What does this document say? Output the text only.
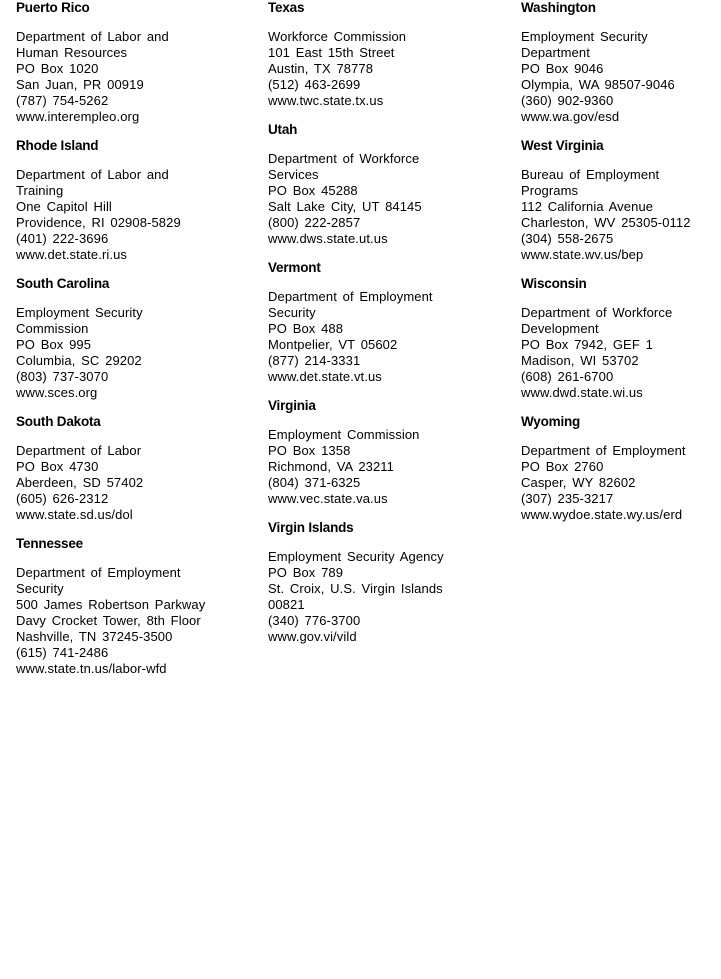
Puerto Rico
Department of Labor and
Human Resources
PO Box 1020
San Juan, PR 00919
(787) 754-5262
www.interempleo.org
Rhode Island
Department of Labor and
Training
One Capitol Hill
Providence, RI 02908-5829
(401) 222-3696
www.det.state.ri.us
South Carolina
Employment Security
Commission
PO Box 995
Columbia, SC 29202
(803) 737-3070
www.sces.org
South Dakota
Department of Labor
PO Box 4730
Aberdeen, SD 57402
(605) 626-2312
www.state.sd.us/dol
Tennessee
Department of Employment
Security
500 James Robertson Parkway
Davy Crocket Tower, 8th Floor
Nashville, TN 37245-3500
(615) 741-2486
www.state.tn.us/labor-wfd
Texas
Workforce Commission
101 East 15th Street
Austin, TX 78778
(512) 463-2699
www.twc.state.tx.us
Utah
Department of Workforce
Services
PO Box 45288
Salt Lake City, UT 84145
(800) 222-2857
www.dws.state.ut.us
Vermont
Department of Employment
Security
PO Box 488
Montpelier, VT 05602
(877) 214-3331
www.det.state.vt.us
Virginia
Employment Commission
PO Box 1358
Richmond, VA 23211
(804) 371-6325
www.vec.state.va.us
Virgin Islands
Employment Security Agency
PO Box 789
St. Croix, U.S. Virgin Islands
00821
(340) 776-3700
www.gov.vi/vild
Washington
Employment Security
Department
PO Box 9046
Olympia, WA 98507-9046
(360) 902-9360
www.wa.gov/esd
West Virginia
Bureau of Employment
Programs
112 California Avenue
Charleston, WV 25305-0112
(304) 558-2675
www.state.wv.us/bep
Wisconsin
Department of Workforce
Development
PO Box 7942, GEF 1
Madison, WI 53702
(608) 261-6700
www.dwd.state.wi.us
Wyoming
Department of Employment
PO Box 2760
Casper, WY 82602
(307) 235-3217
www.wydoe.state.wy.us/erd
